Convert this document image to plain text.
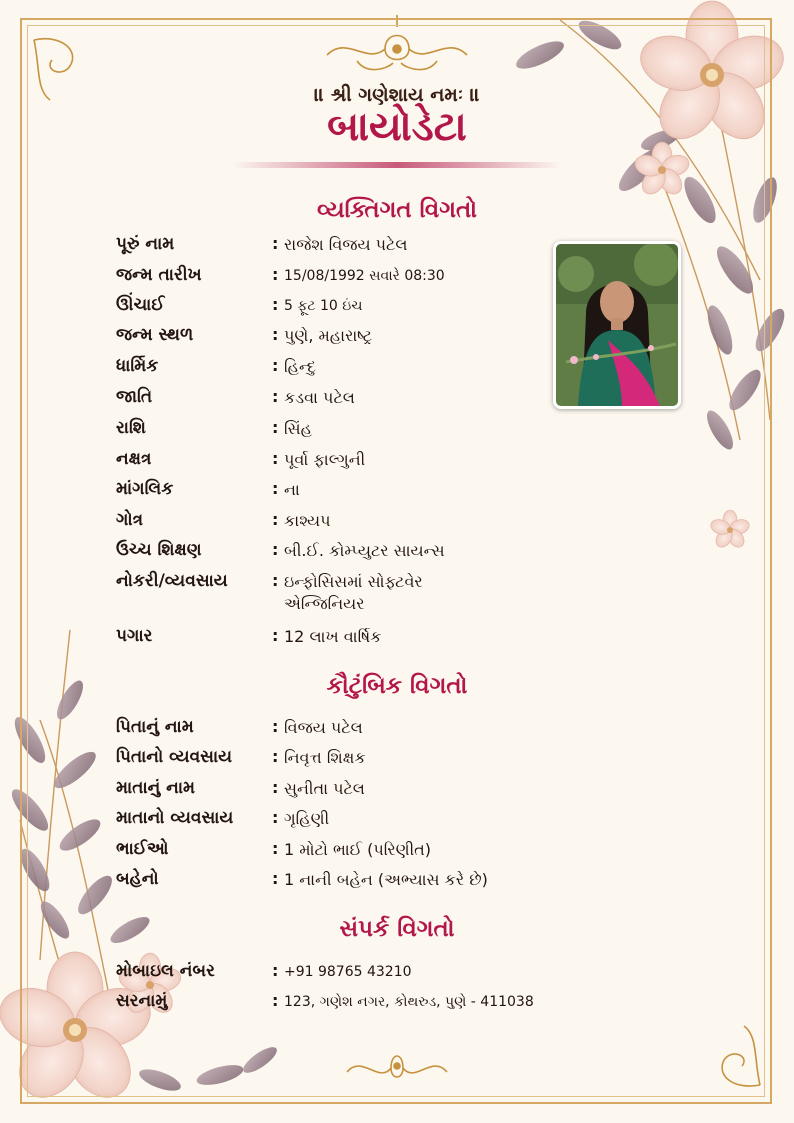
॥ શ્રી ગણેશાય નમઃ ॥
બાયોડેટા
વ્યક્તિગત વિગતો
પૂરું નામ	: રાજેશ વિજય પટેલ
જન્મ તારીખ	: 15/08/1992 સવારે 08:30
ઊંચાઈ	: 5 ફૂટ 10 ઇંચ
જન્મ સ્થળ	: પુણે, મહારાષ્ટ્ર
ધાર્મિક	: હિન્દુ
જાતિ	: કડવા પટેલ
રાશિ	: સિંહ
નક્ષત્ર	: પૂર્વા ફાલ્ગુની
માંગલિક	: ના
ગોત્ર	: કાશ્યપ
ઉચ્ચ શિક્ષણ	: બી.ઈ. કોમ્પ્યુટર સાયન્સ
નોકરી/વ્યવસાય	: ઇન્ફોસિસમાં સોફ્ટવેર એન્જિનિયર
પગાર	: 12 લાખ વાર્ષિક
કૌટુંબિક વિગતો
પિતાનું નામ	: વિજય પટેલ
પિતાનો વ્યવસાય : નિવૃત્ત શિક્ષક
માતાનું નામ	: સુનીતા પટેલ
માતાનો વ્યવસાય : ગૃહિણી
ભાઈઓ	: 1 મોટો ભાઈ (પરિણીત)
બહેનો	: 1 નાની બહેન (અભ્યાસ કરે છે)
સંપર્ક વિગતો
મોબાઇલ નંબર	: +91 98765 43210
સરનામું	: 123, ગણેશ નગર, કોથરુડ, પુણે - 411038
